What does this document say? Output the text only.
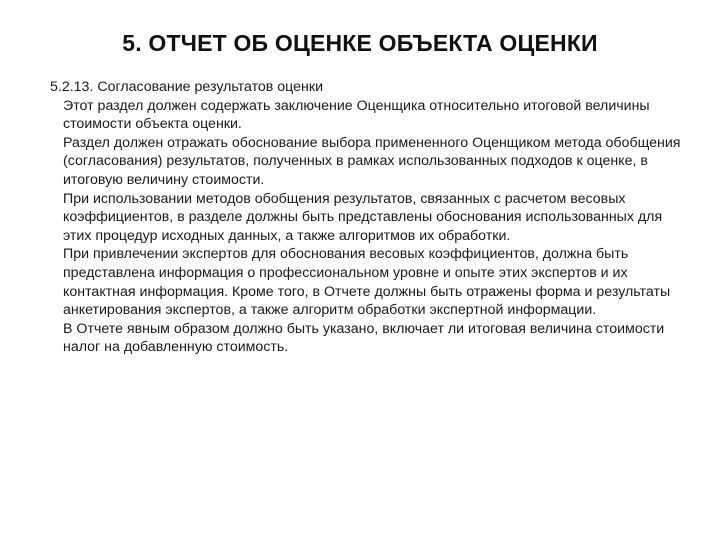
5. ОТЧЕТ ОБ ОЦЕНКЕ ОБЪЕКТА ОЦЕНКИ

5.2.13. Согласование результатов оценки

Этот раздел должен содержать заключение Оценщика относительно итоговой величины стоимости объекта оценки.

Раздел должен отражать обоснование выбора примененного Оценщиком метода обобщения (согласования) результатов, полученных в рамках использованных подходов к оценке, в итоговую величину стоимости.

При использовании методов обобщения результатов, связанных с расчетом весовых коэффициентов, в разделе должны быть представлены обоснования использованных для этих процедур исходных данных, а также алгоритмов их обработки.

При привлечении экспертов для обоснования весовых коэффициентов, должна быть представлена информация о профессиональном уровне и опыте этих экспертов и их контактная информация. Кроме того, в Отчете должны быть отражены форма и результаты анкетирования экспертов, а также алгоритм обработки экспертной информации.

В Отчете явным образом должно быть указано, включает ли итоговая величина стоимости налог на добавленную стоимость.
